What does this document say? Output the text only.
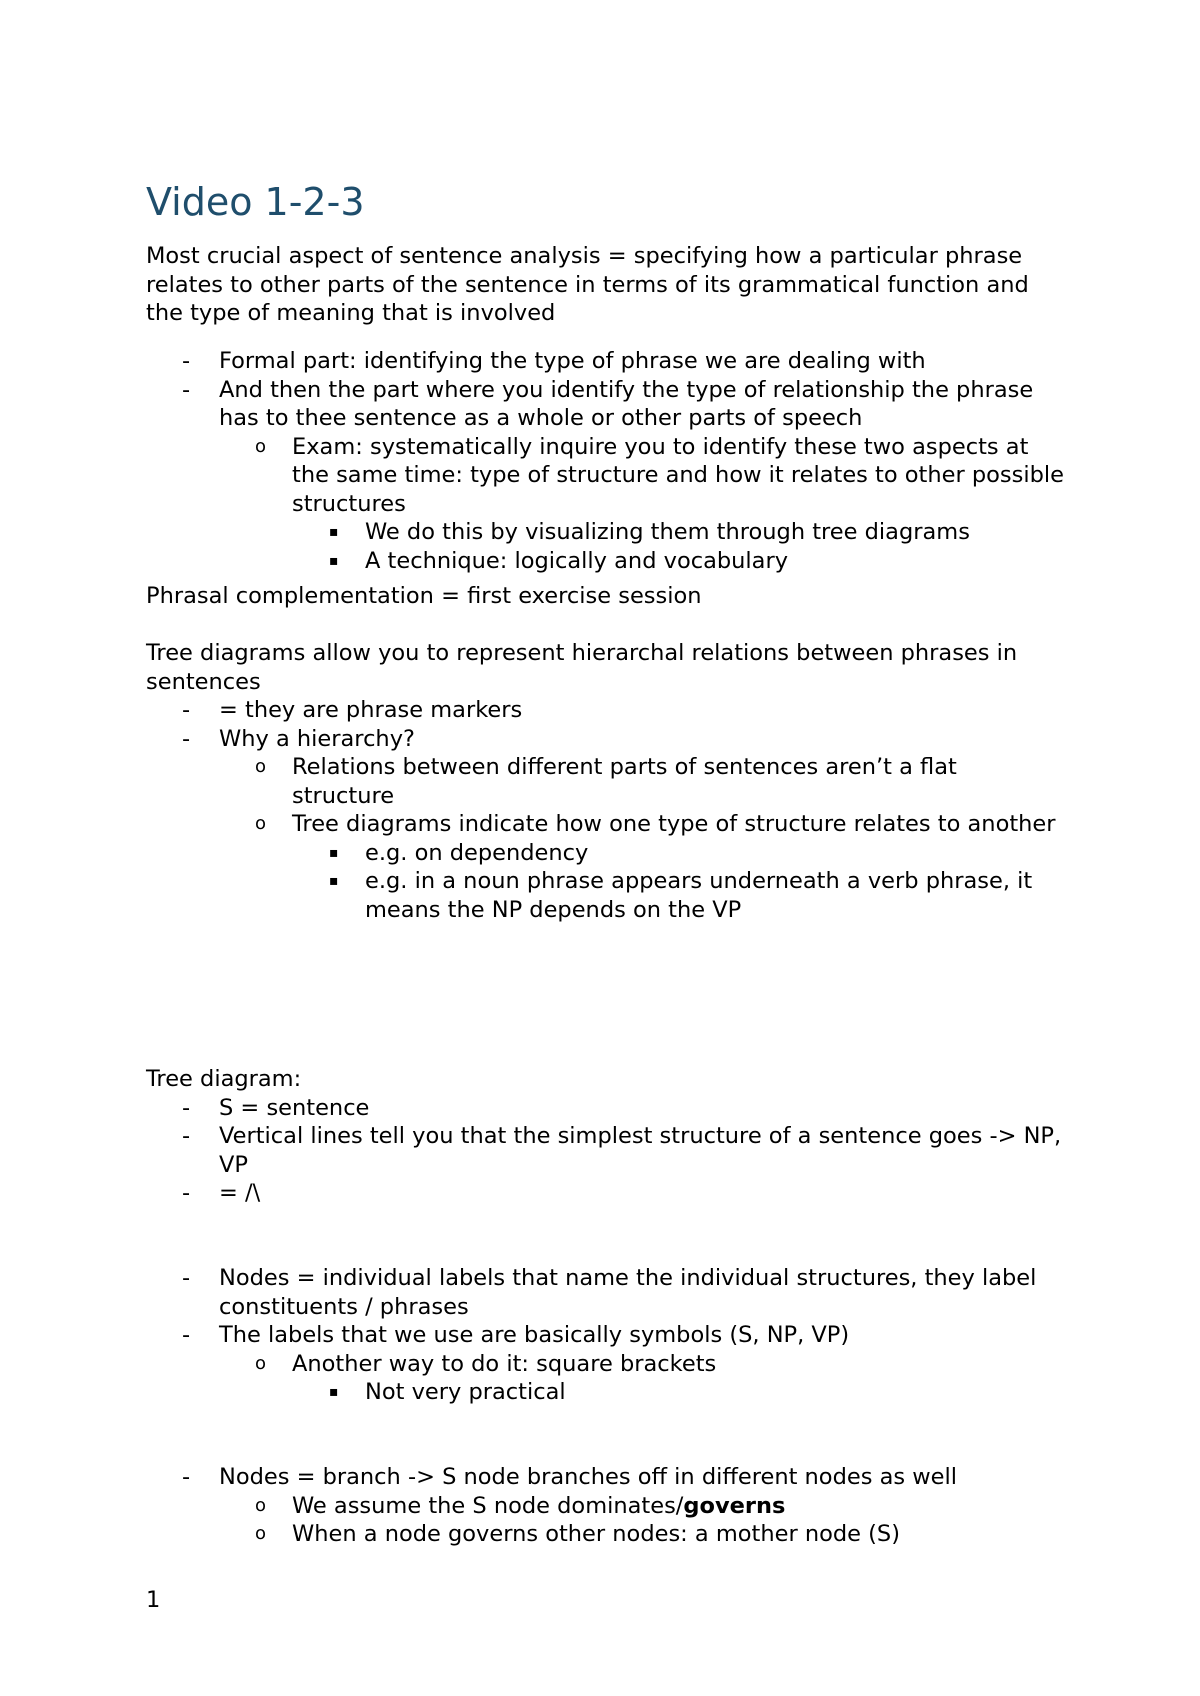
Video 1-2-3

Most crucial aspect of sentence analysis = specifying how a particular phrase relates to other parts of the sentence in terms of its grammatical function and the type of meaning that is involved

-	Formal part: identifying the type of phrase we are dealing with
-	And then the part where you identify the type of relationship the phrase has to thee sentence as a whole or other parts of speech
o	Exam: systematically inquire you to identify these two aspects at the same time: type of structure and how it relates to other possible structures
▪	We do this by visualizing them through tree diagrams
▪	A technique: logically and vocabulary

Phrasal complementation = first exercise session

Tree diagrams allow you to represent hierarchal relations between phrases in sentences

-	= they are phrase markers
-	Why a hierarchy?
o	Relations between different parts of sentences aren’t a flat structure
o	Tree diagrams indicate how one type of structure relates to another
▪	e.g. on dependency
▪	e.g. in a noun phrase appears underneath a verb phrase, it means the NP depends on the VP

Tree diagram:

-	S = sentence
-	Vertical lines tell you that the simplest structure of a sentence goes -> NP, VP
-	= /\
-	Nodes = individual labels that name the individual structures, they label constituents / phrases
-	The labels that we use are basically symbols (S, NP, VP)
o	Another way to do it: square brackets
▪	Not very practical
-	Nodes = branch -> S node branches off in different nodes as well
o	We assume the S node dominates/governs
o	When a node governs other nodes: a mother node (S)
1
